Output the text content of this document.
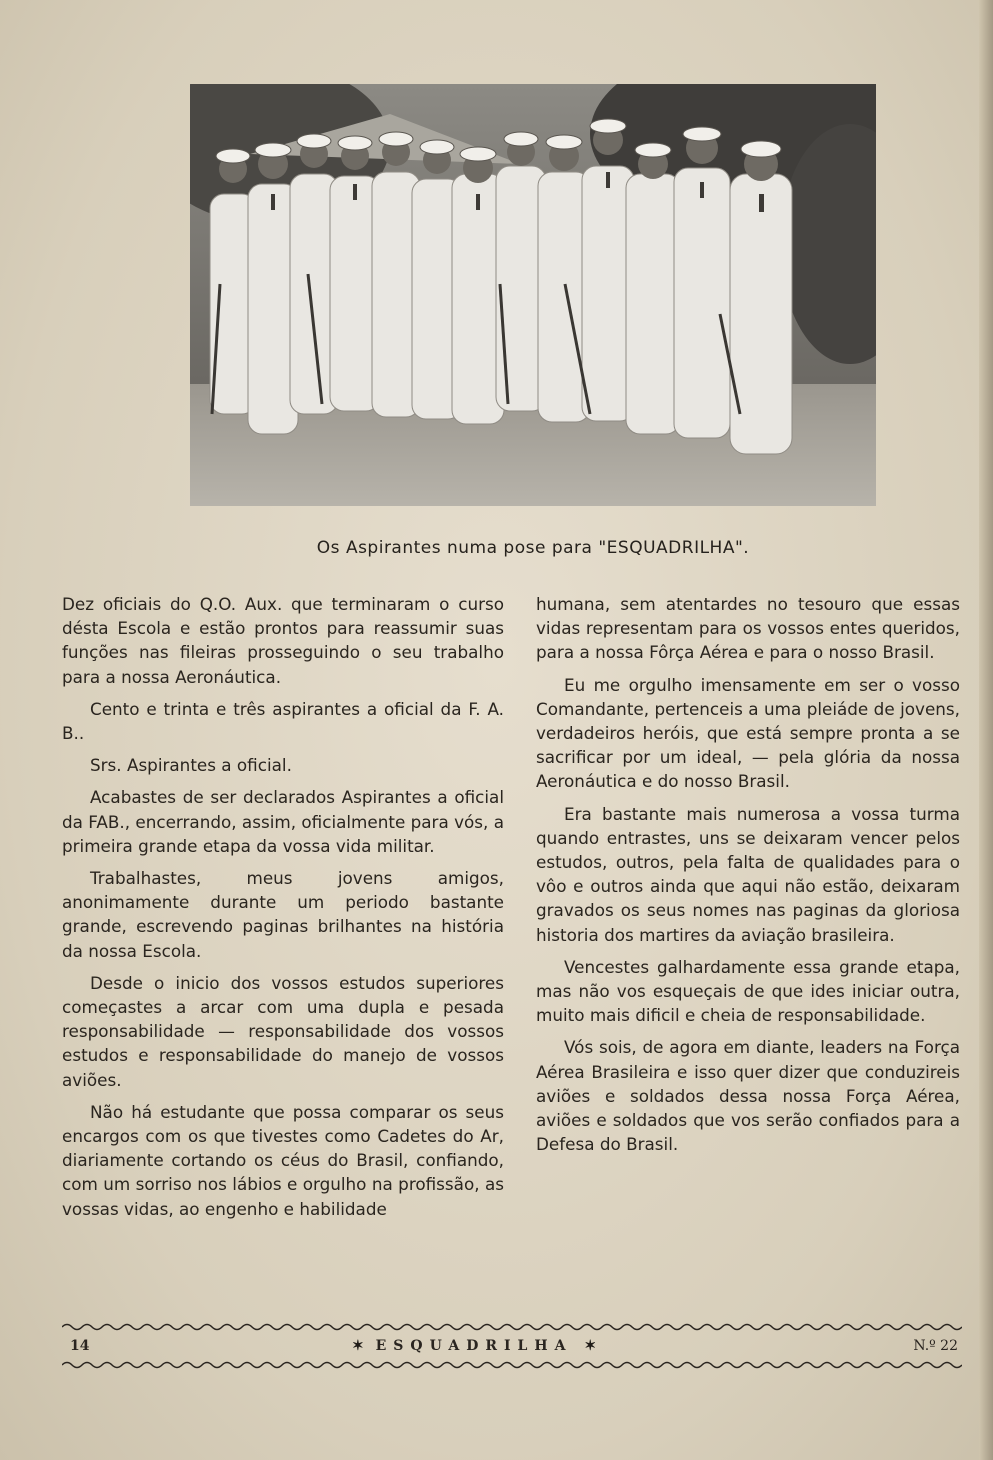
Os Aspirantes numa pose para "ESQUADRILHA".

Dez oficiais do Q.O. Aux. que terminaram o curso désta Escola e estão prontos para reassumir suas funções nas fileiras prosseguindo o seu trabalho para a nossa Aeronáutica.

Cento e trinta e três aspirantes a oficial da F. A. B..

Srs. Aspirantes a oficial.

Acabastes de ser declarados Aspirantes a oficial da FAB., encerrando, assim, oficialmente para vós, a primeira grande etapa da vossa vida militar.

Trabalhastes, meus jovens amigos, anonimamente durante um periodo bastante grande, escrevendo paginas brilhantes na história da nossa Escola.

Desde o inicio dos vossos estudos superiores começastes a arcar com uma dupla e pesada responsabilidade — responsabilidade dos vossos estudos e responsabilidade do manejo de vossos aviões.

Não há estudante que possa comparar os seus encargos com os que tivestes como Cadetes do Ar, diariamente cortando os céus do Brasil, confiando, com um sorriso nos lábios e orgulho na profissão, as vossas vidas, ao engenho e habilidade

humana, sem atentardes no tesouro que essas vidas representam para os vossos entes queridos, para a nossa Fôrça Aérea e para o nosso Brasil.

Eu me orgulho imensamente em ser o vosso Comandante, pertenceis a uma pleiáde de jovens, verdadeiros heróis, que está sempre pronta a se sacrificar por um ideal, — pela glória da nossa Aeronáutica e do nosso Brasil.

Era bastante mais numerosa a vossa turma quando entrastes, uns se deixaram vencer pelos estudos, outros, pela falta de qualidades para o vôo e outros ainda que aqui não estão, deixaram gravados os seus nomes nas paginas da gloriosa historia dos martires da aviação brasileira.

Vencestes galhardamente essa grande etapa, mas não vos esqueçais de que ides iniciar outra, muito mais dificil e cheia de responsabilidade.

Vós sois, de agora em diante, leaders na Força Aérea Brasileira e isso quer dizer que conduzireis aviões e soldados dessa nossa Força Aérea, aviões e soldados que vos serão confiados para a Defesa do Brasil.

14	✶ ESQUADRILHA ✶	N.º 22
